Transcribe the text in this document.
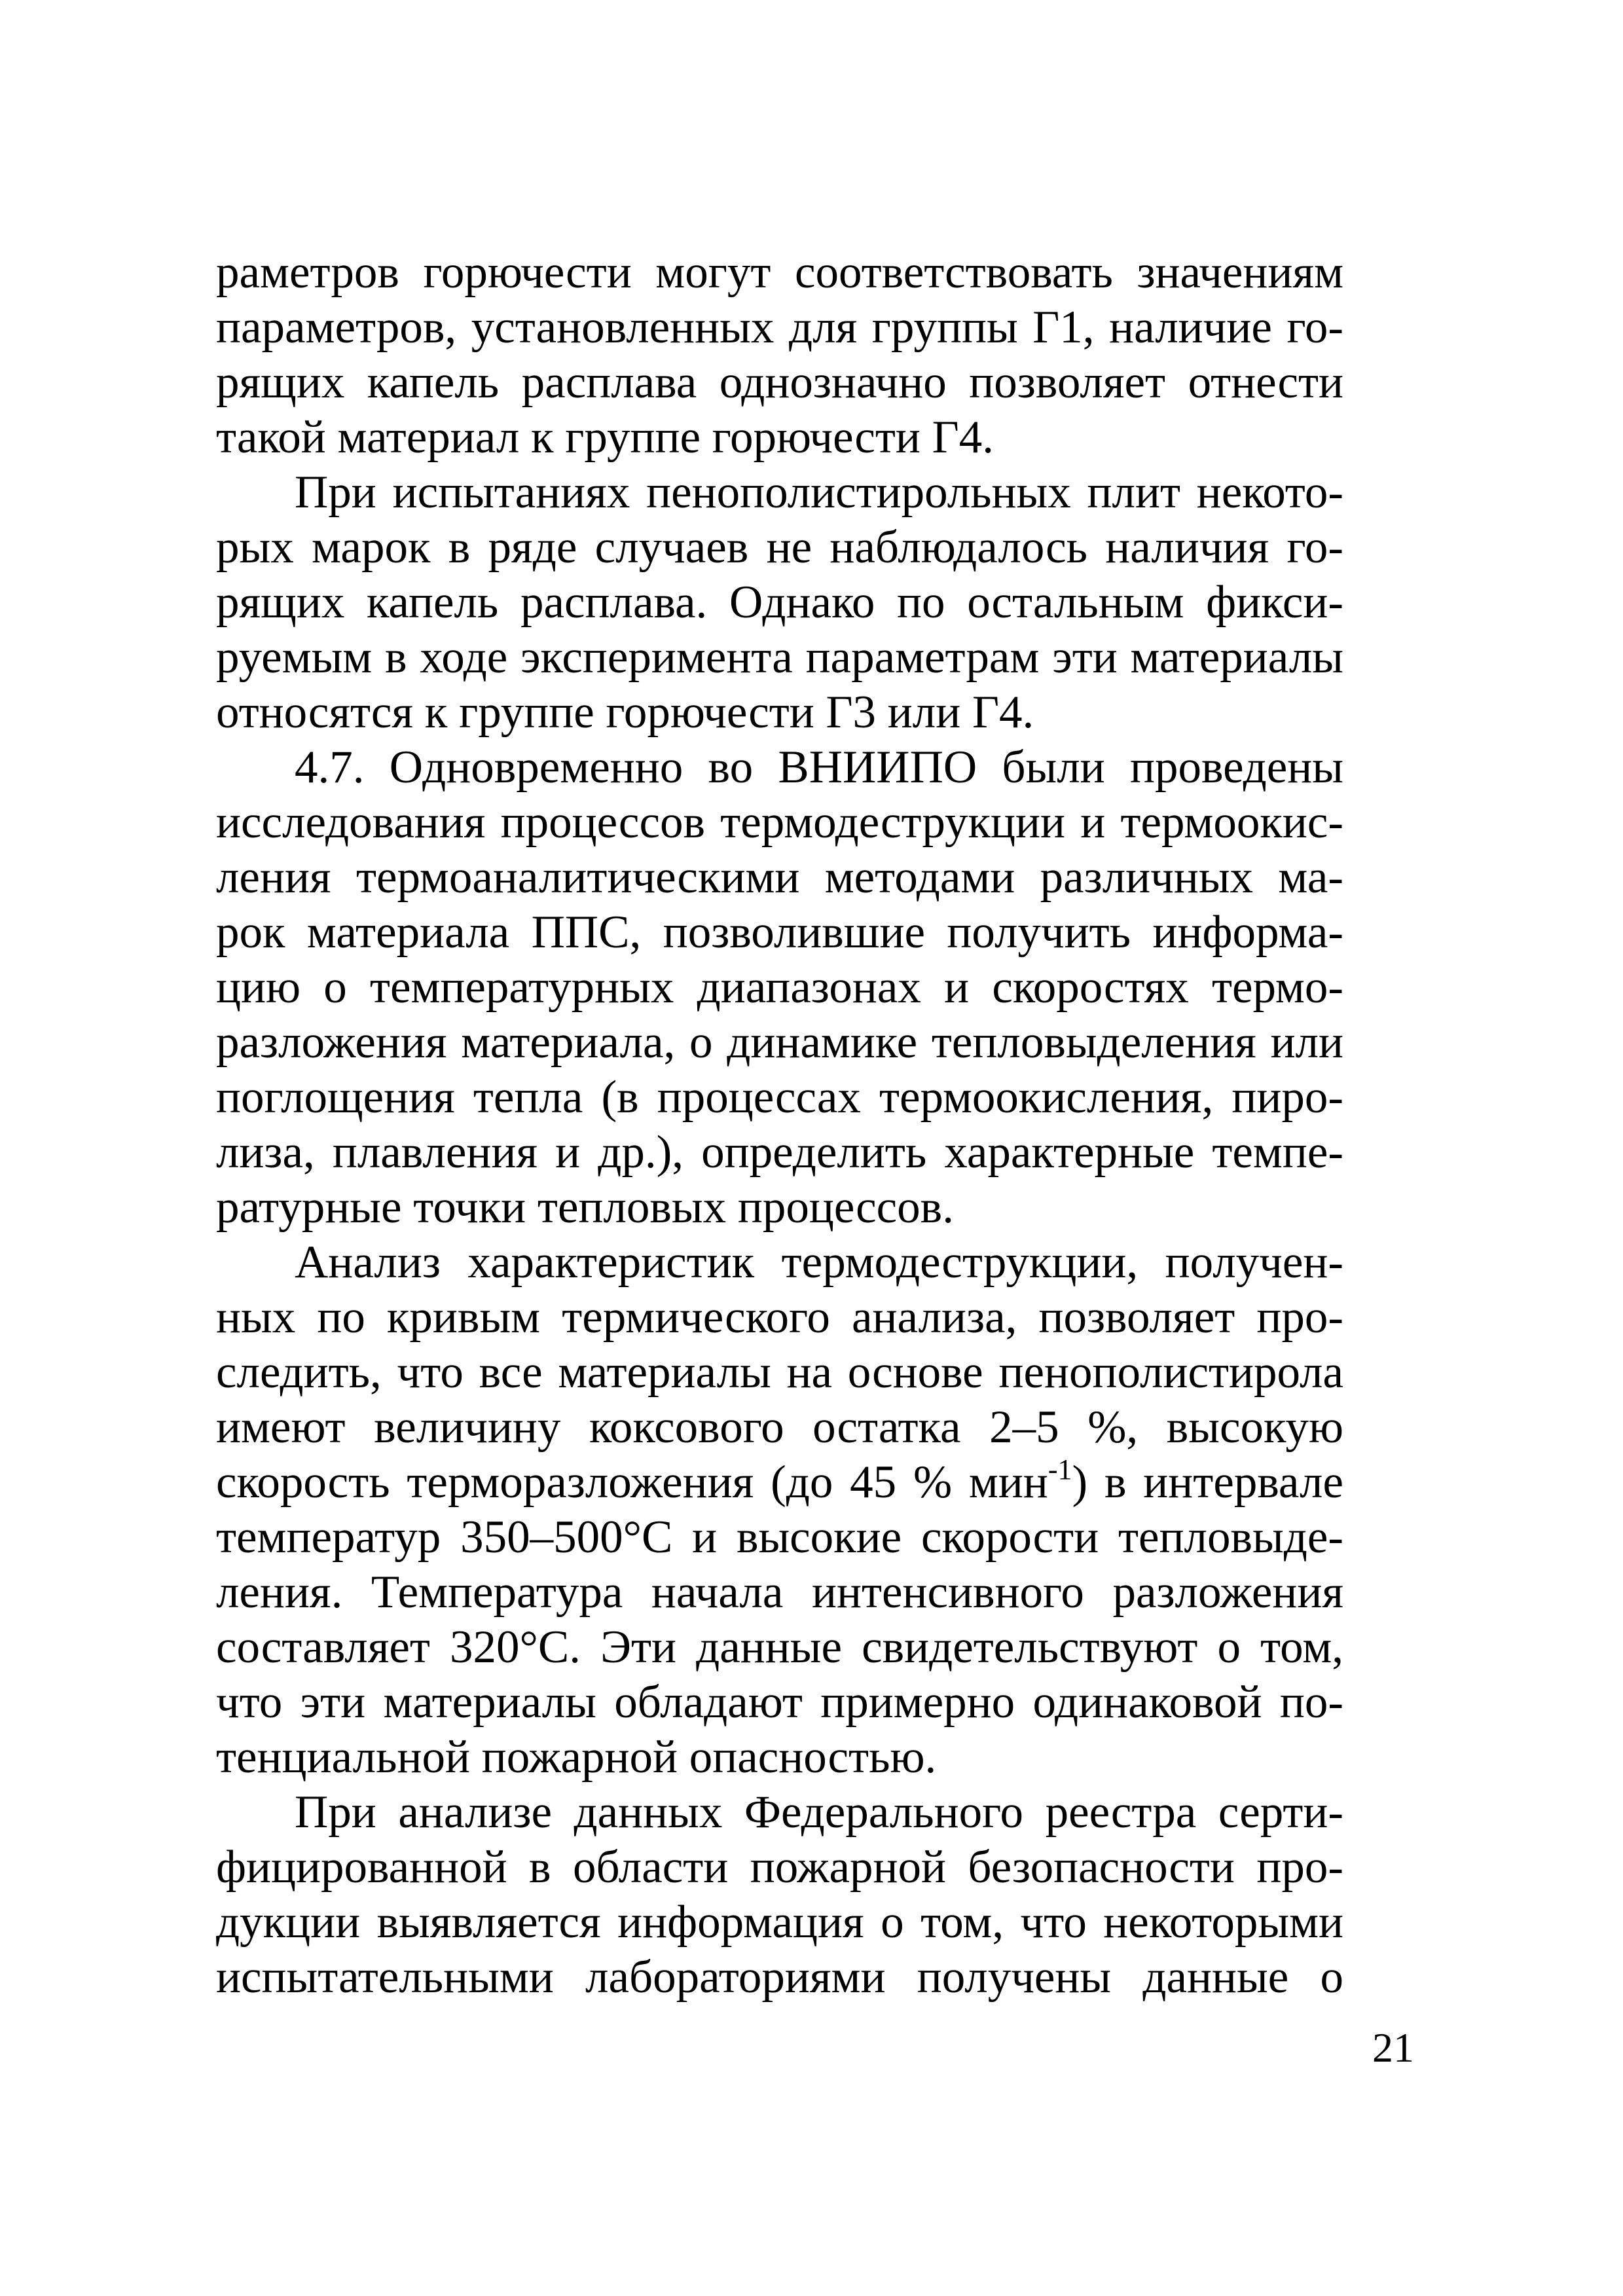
раметров горючести могут соответствовать значениям
параметров, установленных для группы Г1, наличие го-
рящих капель расплава однозначно позволяет отнести
такой материал к группе горючести Г4.
При испытаниях пенополистирольных плит некото-
рых марок в ряде случаев не наблюдалось наличия го-
рящих капель расплава. Однако по остальным фикси-
руемым в ходе эксперимента параметрам эти материалы
относятся к группе горючести Г3 или Г4.
4.7. Одновременно во ВНИИПО были проведены
исследования процессов термодеструкции и термоокис-
ления термоаналитическими методами различных ма-
рок материала ППС, позволившие получить информа-
цию о температурных диапазонах и скоростях термо-
разложения материала, о динамике тепловыделения или
поглощения тепла (в процессах термоокисления, пиро-
лиза, плавления и др.), определить характерные темпе-
ратурные точки тепловых процессов.
Анализ характеристик термодеструкции, получен-
ных по кривым термического анализа, позволяет про-
следить, что все материалы на основе пенополистирола
имеют величину коксового остатка 2–5 %, высокую
скорость терморазложения (до 45 % мин$^{-1}$) в интервале
температур 350–500°С и высокие скорости тепловыде-
ления. Температура начала интенсивного разложения
составляет 320°С. Эти данные свидетельствуют о том,
что эти материалы обладают примерно одинаковой по-
тенциальной пожарной опасностью.
При анализе данных Федерального реестра серти-
фицированной в области пожарной безопасности про-
дукции выявляется информация о том, что некоторыми
испытательными лабораториями получены данные о
21
